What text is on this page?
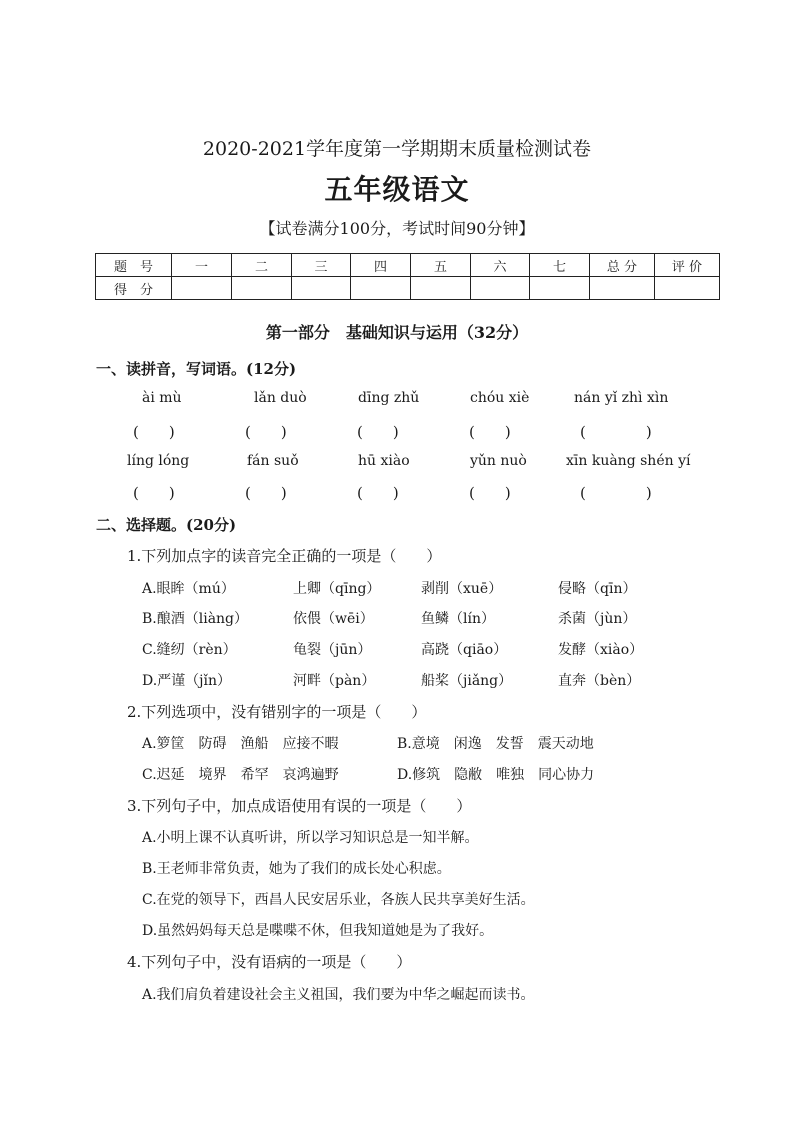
2020-2021学年度第一学期期末质量检测试卷
五年级语文
【试卷满分100分，考试时间90分钟】
题　号	一	二	三	四	五	六	七	总 分	评 价
得　分									
第一部分　基础知识与运用（32分）
一、读拼音，写词语。(12分)
ài mù	lǎn duò	dīng zhǔ	chóu xiè	nán yǐ zhì xìn
(　　)	(　　)	(　　)	(　　)	(　　　　)
líng lóng	fán suǒ	hū xiào	yǔn nuò	xīn kuàng shén yí
(　　)	(　　)	(　　)	(　　)	(　　　　)
二、选择题。(20分)
1.下列加点字的读音完全正确的一项是（　　）
A.眼眸（mú）	上卿（qīng）	剥削（xuē）	侵略（qīn）
B.酿酒（liàng）	依偎（wēi）	鱼鳞（lín）	杀菌（jùn）
C.缝纫（rèn）	龟裂（jūn）	高跷（qiāo）	发酵（xiào）
D.严谨（jǐn）	河畔（pàn）	船桨（jiǎng）	直奔（bèn）
2.下列选项中，没有错别字的一项是（　　）
A.箩筐　防碍　渔船　应接不暇	B.意境　闲逸　发誓　震天动地
C.迟延　境界　希罕　哀鸿遍野	D.修筑　隐敝　唯独　同心协力
3.下列句子中，加点成语使用有误的一项是（　　）
A.小明上课不认真听讲，所以学习知识总是一知半解。
B.王老师非常负责，她为了我们的成长处心积虑。
C.在党的领导下，西昌人民安居乐业，各族人民共享美好生活。
D.虽然妈妈每天总是喋喋不休，但我知道她是为了我好。
4.下列句子中，没有语病的一项是（　　）
A.我们肩负着建设社会主义祖国，我们要为中华之崛起而读书。
